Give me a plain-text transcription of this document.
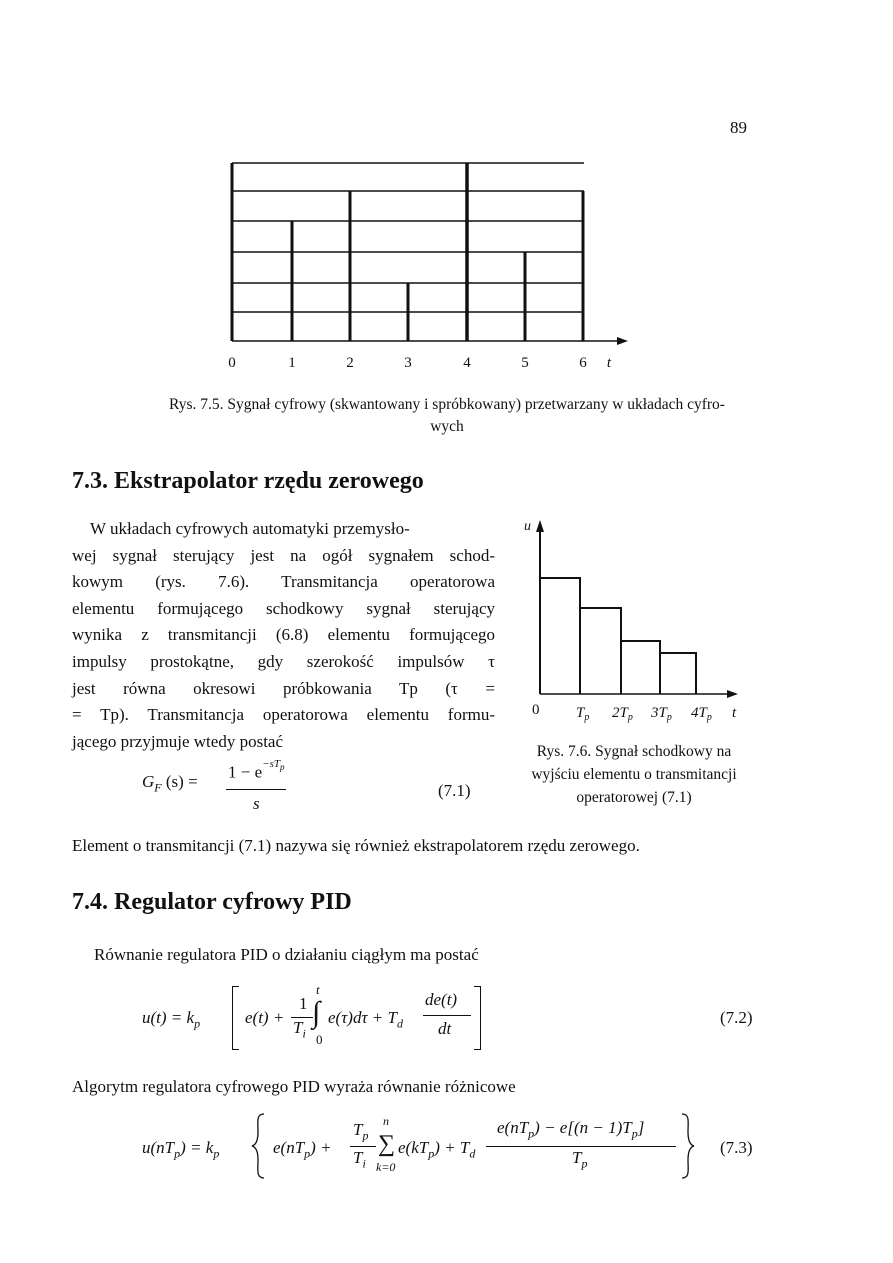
89
0	1	2	3	4	5	6 t
Rys. 7.5. Sygnał cyfrowy (skwantowany i spróbkowany) przetwarzany w układach cyfro-
wych
7.3. Ekstrapolator rzędu zerowego
W układach cyfrowych automatyki przemysło-
wej sygnał sterujący jest na ogół sygnałem schod-
kowym (rys. 7.6). Transmitancja operatorowa
elementu formującego schodkowy sygnał sterujący
wynika z transmitancji (6.8) elementu formującego
impulsy prostokątne, gdy szerokość impulsów τ
jest równa okresowi próbkowania Tp (τ =
= Tp). Transmitancja operatorowa elementu formu-
jącego przyjmuje wtedy postać
$G_F$ $(s) = 1 - e^{-sT_p}$
s
(7.1)
u
0 $T_p$ $2T_p$ $3T_p$ $4T_p$ t
Rys. 7.6. Sygnał schodkowy na
wyjściu elementu o transmitancji
operatorowej (7.1)
Element o transmitancji (7.1) nazywa się również ekstrapolatorem rzędu zerowego.
7.4. Regulator cyfrowy PID
Równanie regulatora PID o działaniu ciągłym ma postać
$u(t) = k_p$	e(t) +
1
$T_i$
t
∫
0
$e(\tau)d\tau + T_d$
de(t)
dt
(7.2)
Algorytm regulatora cyfrowego PID wyraża równanie różnicowe
$u(nT_p) = k_p$	$e(nT_p)$ +
$T_p$
$T_i$
n
∑
k=0
$e(kT_p) + T_d$
$e(nT_p) - e[(n - 1)T_p]$
$T_p$
(7.3)
